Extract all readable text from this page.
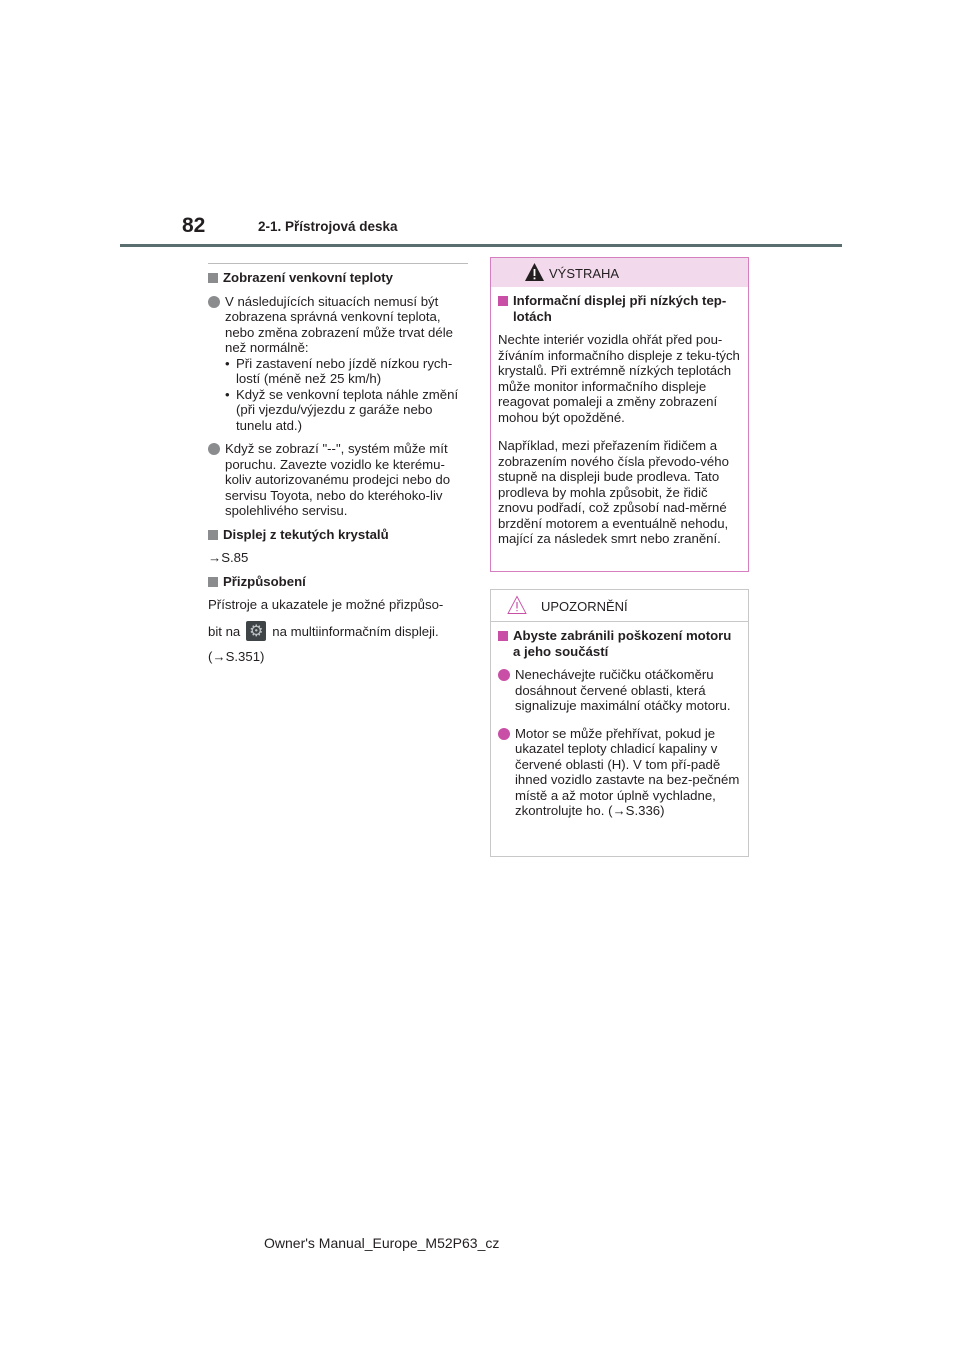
82	2-1. Přístrojová deska
Zobrazení venkovní teploty
V následujících situacích nemusí být zobrazena správná venkovní teplota, nebo změna zobrazení může trvat déle než normálně:
• Při zastavení nebo jízdě nízkou rych-lostí (méně než 25 km/h)
• Když se venkovní teplota náhle změní (při vjezdu/výjezdu z garáže nebo tunelu atd.)
Když se zobrazí "--", systém může mít poruchu. Zavezte vozidlo ke kterému-koliv autorizovanému prodejci nebo do servisu Toyota, nebo do kteréhoko-liv spolehlivého servisu.
Displej z tekutých krystalů
→S.85
Přizpůsobení
Přístroje a ukazatele je možné přizpůso-
bit na⚙ na multiinformačním displeji.
(→S.351)
VÝSTRAHA
Informační displej při nízkých tep-lotách

Nechte interiér vozidla ohřát před pou-žíváním informačního displeje z teku-tých krystalů. Při extrémně nízkých teplotách může monitor informačního displeje reagovat pomaleji a změny zobrazení mohou být opožděné.

Například, mezi přeřazením řidičem a zobrazením nového čísla převodo-vého stupně na displeji bude prodleva. Tato prodleva by mohla způsobit, že řidič znovu podřadí, což způsobí nad-měrné brzdění motorem a eventuálně nehodu, mající za následek smrt nebo zranění.

UPOZORNĚNÍ
Abyste zabránili poškození motoru a jeho součástí
Nenechávejte ručičku otáčkoměru dosáhnout červené oblasti, která signalizuje maximální otáčky motoru.
Motor se může přehřívat, pokud je ukazatel teploty chladicí kapaliny v červené oblasti (H). V tom pří-padě ihned vozidlo zastavte na bez-pečném místě a až motor úplně vychladne, zkontrolujte ho. (→S.336)
Owner's Manual_Europe_M52P63_cz
